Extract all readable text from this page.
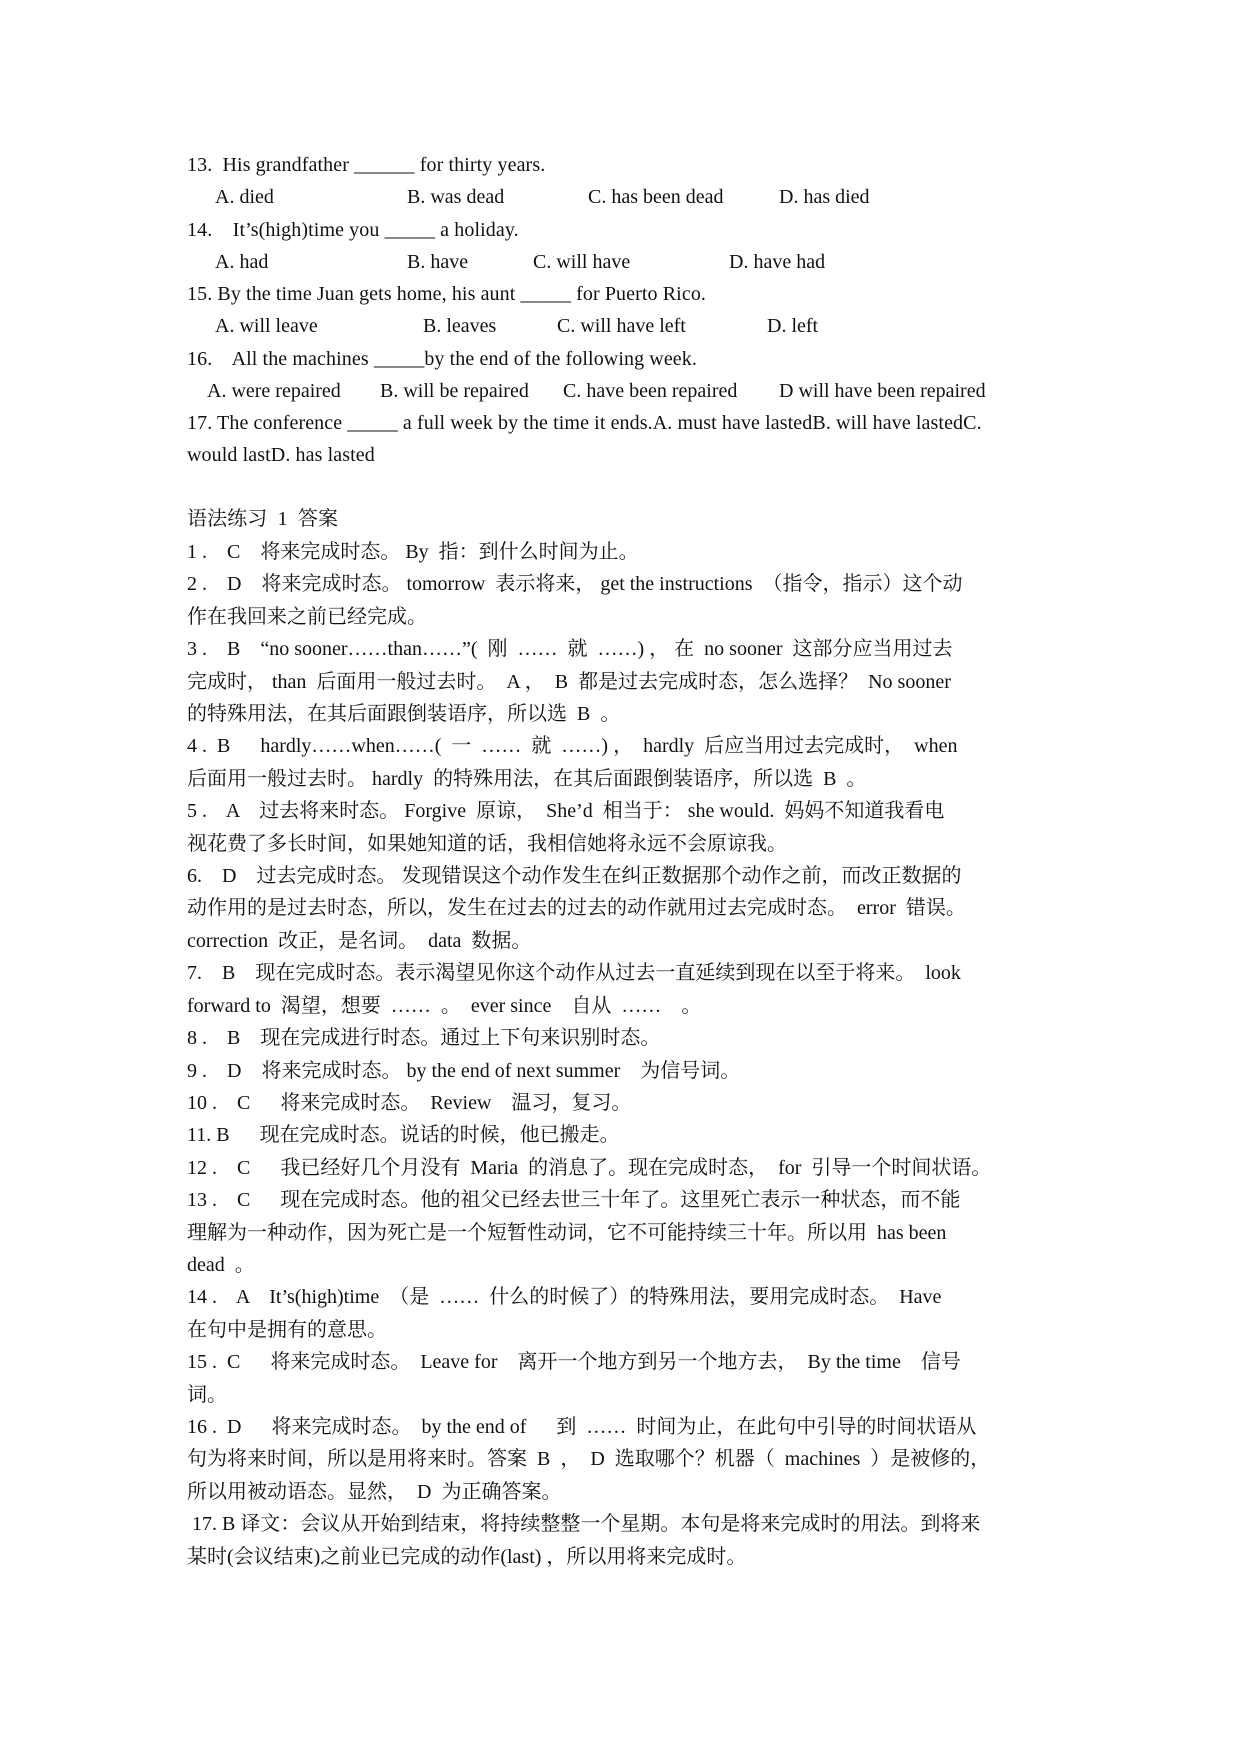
13.  His grandfather ______ for thirty years.
A. died	B. was dead	C. has been dead	D. has died
14.    It’s(high)time you _____ a holiday.
A. had	B. have	C. will have	D. have had
15. By the time Juan gets home, his aunt _____ for Puerto Rico.
A. will leave	B. leaves	C. will have left	D. left
16.    All the machines _____by the end of the following week.
A. were repaired B. will be repaired C. have been repaired D will have been repaired
17. The conference _____ a full week by the time it ends.A. must have lastedB. will have lastedC.
would lastD. has lasted
语法练习  1  答案

1 .    C    将来完成时态。 By  指：到什么时间为止。

2 .    D    将来完成时态。 tomorrow  表示将来， get the instructions  （指令，指示）这个动

作在我回来之前已经完成。

3 .    B    “no sooner……than……”(  刚  ……  就  ……) ， 在  no sooner  这部分应当用过去

完成时， than  后面用一般过去时。  A ，  B  都是过去完成时态，怎么选择？  No sooner

的特殊用法，在其后面跟倒装语序，所以选  B  。

4 .  B      hardly……when……(  一  ……  就  ……) ，  hardly  后应当用过去完成时，  when

后面用一般过去时。 hardly  的特殊用法，在其后面跟倒装语序，所以选  B  。

5 .    A    过去将来时态。 Forgive  原谅，  She’d  相当于： she would.  妈妈不知道我看电

视花费了多长时间，如果她知道的话，我相信她将永远不会原谅我。

6.    D    过去完成时态。 发现错误这个动作发生在纠正数据那个动作之前，而改正数据的

动作用的是过去时态，所以，发生在过去的过去的动作就用过去完成时态。  error  错误。

correction  改正，是名词。  data  数据。

7.    B    现在完成时态。表示渴望见你这个动作从过去一直延续到现在以至于将来。  look

forward to  渴望，想要  ……  。  ever since    自从  ……    。

8 .    B    现在完成进行时态。通过上下句来识别时态。

9 .    D    将来完成时态。 by the end of next summer    为信号词。

10 .    C      将来完成时态。  Review    温习，复习。

11. B      现在完成时态。说话的时候，他已搬走。

12 .    C      我已经好几个月没有  Maria  的消息了。现在完成时态，  for  引导一个时间状语。

13 .    C      现在完成时态。他的祖父已经去世三十年了。这里死亡表示一种状态，而不能

理解为一种动作，因为死亡是一个短暂性动词，它不可能持续三十年。所以用  has been

dead  。

14 .    A    It’s(high)time  （是  ……  什么的时候了）的特殊用法，要用完成时态。  Have

在句中是拥有的意思。

15 .  C      将来完成时态。  Leave for    离开一个地方到另一个地方去，  By the time    信号

词。

16 .  D      将来完成时态。  by the end of      到  ……  时间为止，在此句中引导的时间状语从

句为将来时间，所以是用将来时。答案  B  ，  D  选取哪个？机器（  machines  ）是被修的，

所以用被动语态。显然，  D  为正确答案。

17. B 译文：会议从开始到结束，将持续整整一个星期。本句是将来完成时的用法。到将来

某时(会议结束)之前业已完成的动作(last) ，所以用将来完成时。
